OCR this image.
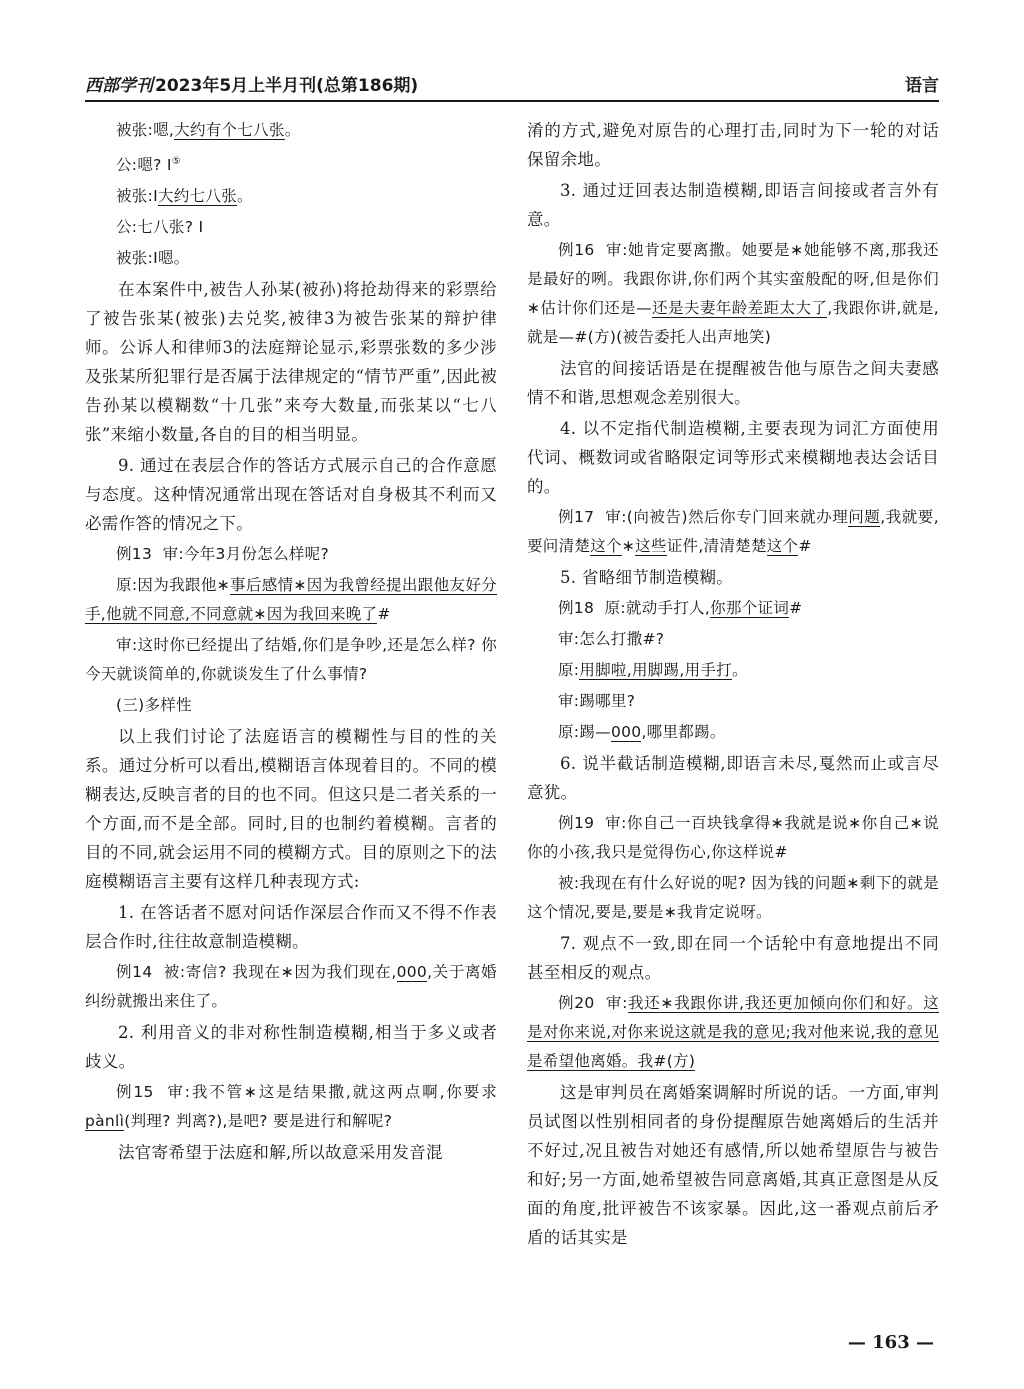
西部学刊 2023年5月上半月刊(总第186期)	语言

被张:嗯,大约有个七八张。

公:嗯? Ⅰ⑤

被张:Ⅰ大约七八张。

公:七八张? Ⅰ

被张:Ⅰ嗯。

在本案件中,被告人孙某(被孙)将抢劫得来的彩票给了被告张某(被张)去兑奖,被律3为被告张某的辩护律师。公诉人和律师3的法庭辩论显示,彩票张数的多少涉及张某所犯罪行是否属于法律规定的“情节严重”,因此被告孙某以模糊数“十几张”来夸大数量,而张某以“七八张”来缩小数量,各自的目的相当明显。

9. 通过在表层合作的答话方式展示自己的合作意愿与态度。这种情况通常出现在答话对自身极其不利而又必需作答的情况之下。

例13 审:今年3月份怎么样呢?

原:因为我跟他∗事后感情∗因为我曾经提出跟他友好分手,他就不同意,不同意就∗因为我回来晚了#

审:这时你已经提出了结婚,你们是争吵,还是怎么样? 你今天就谈简单的,你就谈发生了什么事情?

(三)多样性

以上我们讨论了法庭语言的模糊性与目的性的关系。通过分析可以看出,模糊语言体现着目的。不同的模糊表达,反映言者的目的也不同。但这只是二者关系的一个方面,而不是全部。同时,目的也制约着模糊。言者的目的不同,就会运用不同的模糊方式。目的原则之下的法庭模糊语言主要有这样几种表现方式:

1. 在答话者不愿对问话作深层合作而又不得不作表层合作时,往往故意制造模糊。

例14 被:寄信? 我现在∗因为我们现在,000,关于离婚纠纷就搬出来住了。

2. 利用音义的非对称性制造模糊,相当于多义或者歧义。

例15 审:我不管∗这是结果撒,就这两点啊,你要求pànlì(判理? 判离?),是吧? 要是进行和解呢?

法官寄希望于法庭和解,所以故意采用发音混

淆的方式,避免对原告的心理打击,同时为下一轮的对话保留余地。

3. 通过迂回表达制造模糊,即语言间接或者言外有意。

例16 审:她肯定要离撒。她要是∗她能够不离,那我还是最好的咧。我跟你讲,你们两个其实蛮般配的呀,但是你们∗估计你们还是—还是夫妻年龄差距太大了,我跟你讲,就是,就是—#(方)(被告委托人出声地笑)

法官的间接话语是在提醒被告他与原告之间夫妻感情不和谐,思想观念差别很大。

4. 以不定指代制造模糊,主要表现为词汇方面使用代词、概数词或省略限定词等形式来模糊地表达会话目的。

例17 审:(向被告)然后你专门回来就办理问题,我就要,要问清楚这个∗这些证件,清清楚楚这个#

5. 省略细节制造模糊。

例18 原:就动手打人,你那个证词#

审:怎么打撒#?

原:用脚啦,用脚踢,用手打。

审:踢哪里?

原:踢—000,哪里都踢。

6. 说半截话制造模糊,即语言未尽,戛然而止或言尽意犹。

例19 审:你自己一百块钱拿得∗我就是说∗你自己∗说你的小孩,我只是觉得伤心,你这样说#

被:我现在有什么好说的呢? 因为钱的问题∗剩下的就是这个情况,要是,要是∗我肯定说呀。

7. 观点不一致,即在同一个话轮中有意地提出不同甚至相反的观点。

例20 审:我还∗我跟你讲,我还更加倾向你们和好。这是对你来说,对你来说这就是我的意见;我对他来说,我的意见是希望他离婚。我#(方)

这是审判员在离婚案调解时所说的话。一方面,审判员试图以性别相同者的身份提醒原告她离婚后的生活并不好过,况且被告对她还有感情,所以她希望原告与被告和好;另一方面,她希望被告同意离婚,其真正意图是从反面的角度,批评被告不该家暴。因此,这一番观点前后矛盾的话其实是

— 163 —
